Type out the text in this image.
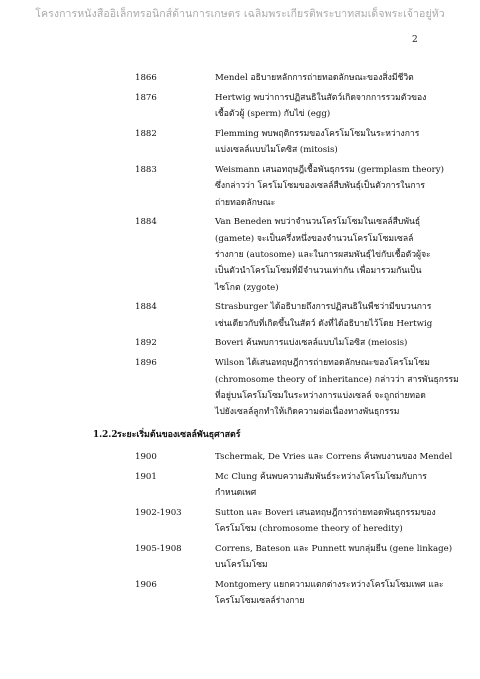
โครงการหนังสืออิเล็กทรอนิกส์ด้านการเกษตร เฉลิมพระเกียรติพระบาทสมเด็จพระเจ้าอยู่หัว
2
1866	Mendel อธิบายหลักการถ่ายทอดลักษณะของสิ่งมีชีวิต
1876	Hertwig พบว่าการปฏิสนธิในสัตว์เกิดจากการรวมตัวของ
เชื้อตัวผู้ (sperm) กับไข่ (egg)
1882	Flemming พบพฤติกรรมของโครโมโซมในระหว่างการ
แบ่งเซลล์แบบไมโตซิส (mitosis)
1883	Weismann เสนอทฤษฎีเชื้อพันธุกรรม (germplasm theory)
ซึ่งกล่าวว่า โครโมโซมของเซลล์สืบพันธุ์เป็นตัวการในการ
ถ่ายทอดลักษณะ
1884	Van Beneden พบว่าจำนวนโครโมโซมในเซลล์สืบพันธุ์
(gamete) จะเป็นครึ่งหนึ่งของจำนวนโครโมโซมเซลล์
ร่างกาย (autosome) และในการผสมพันธุ์ไข่กับเชื้อตัวผู้จะ
เป็นตัวนำโครโมโซมที่มีจำนวนเท่ากัน เพื่อมารวมกันเป็น
ไซโกต (zygote)
1884	Strasburger ได้อธิบายถึงการปฏิสนธิในพืชว่ามีขบวนการ
เช่นเดียวกับที่เกิดขึ้นในสัตว์ ดังที่ได้อธิบายไว้โดย Hertwig
1892	Boveri ค้นพบการแบ่งเซลล์แบบไมโอซิส (meiosis)
1896	Wilson ได้เสนอทฤษฎีการถ่ายทอดลักษณะของโครโมโซม
(chromosome theory of inheritance) กล่าวว่า สารพันธุกรรม
ที่อยู่บนโครโมโซมในระหว่างการแบ่งเซลล์ จะถูกถ่ายทอด
ไปยังเซลล์ลูกทำให้เกิดความต่อเนื่องทางพันธุกรรม
1.2.2 ระยะเริ่มต้นของเซลล์พันธุศาสตร์
1900	Tschermak, De Vries และ Correns ค้นพบงานของ Mendel
1901	Mc Clung ค้นพบความสัมพันธ์ระหว่างโครโมโซมกับการ
กำหนดเพศ
1902-1903	Sutton และ Boveri เสนอทฤษฎีการถ่ายทอดพันธุกรรมของ
โครโมโซม (chromosome theory of heredity)
1905-1908	Correns, Bateson และ Punnett พบกลุ่มยีน (gene linkage)
บนโครโมโซม
1906	Montgomery แยกความแตกต่างระหว่างโครโมโซมเพศ และ
โครโมโซมเซลล์ร่างกาย
